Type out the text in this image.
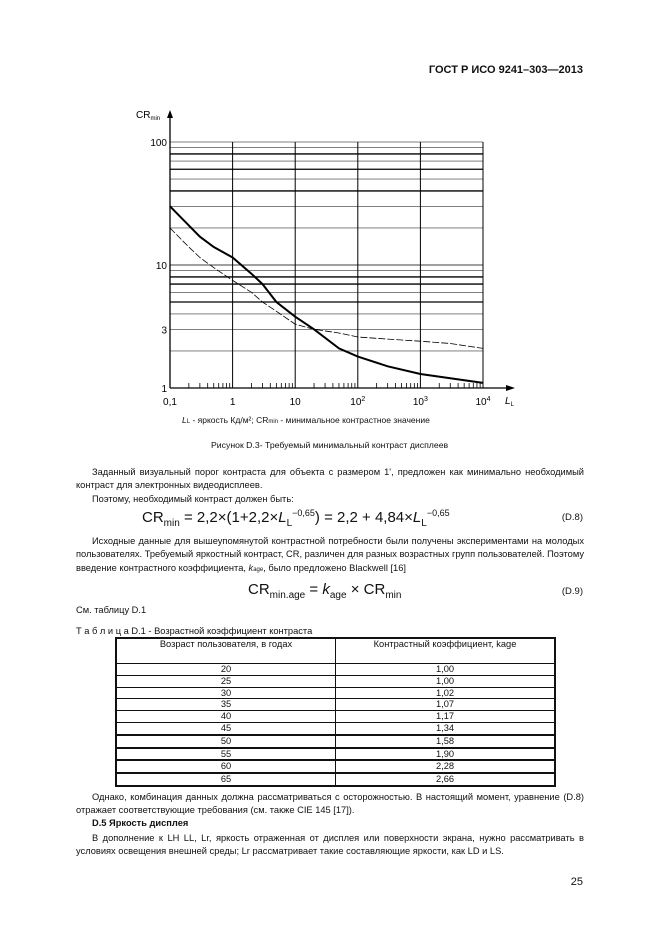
ГОСТ Р ИСО 9241–303—2013
0,1	1	10	$10^2$	$10^3$	$10^4$
1
3
10
100
$CR_{min}$
$L_L$
LL - яркость Кд/м²; CRmin - минимальное контрастное значение
Рисунок D.3- Требуемый минимальный контраст дисплеев
Заданный визуальный порог контраста для объекта с размером 1', предложен как минимально необходимый контраст для электронных видеодисплеев.
Поэтому, необходимый контраст должен быть:
$CR_{min} = 2,2\times(1+2,2\times L_L^{-0,65}) = 2,2 + 4,84\times L_L^{-0,65}$	(D.8)
Исходные данные для вышеупомянутой контрастной потребности были получены экспериментами на молодых пользователях. Требуемый яркостный контраст, CR, различен для разных возрастных групп пользователей. Поэтому введение контрастного коэффициента, kage, было предложено Blackwell [16]
$CR_{min.age} = k_{age} \times CR_{min}$	(D.9)
См. таблицу D.1
Т а б л и ц а D.1 - Возрастной коэффициент контраста
Возраст пользователя, в годах	Контрастный коэффициент, kage
20	1,00
25	1,00
30	1,02
35	1,07
40	1,17
45	1,34
50	1,58
55	1,90
60	2,28
65	2,66
Однако, комбинация данных должна рассматриваться с осторожностью. В настоящий момент, уравнение (D.8) отражает соответствующие требования (см. также CIE 145 [17]).
D.5 Яркость дисплея
В дополнение к LH LL, Lr, яркость отраженная от дисплея или поверхности экрана, нужно рассматривать в условиях освещения внешней среды; Lr рассматривает такие составляющие яркости, как LD и LS.
25
